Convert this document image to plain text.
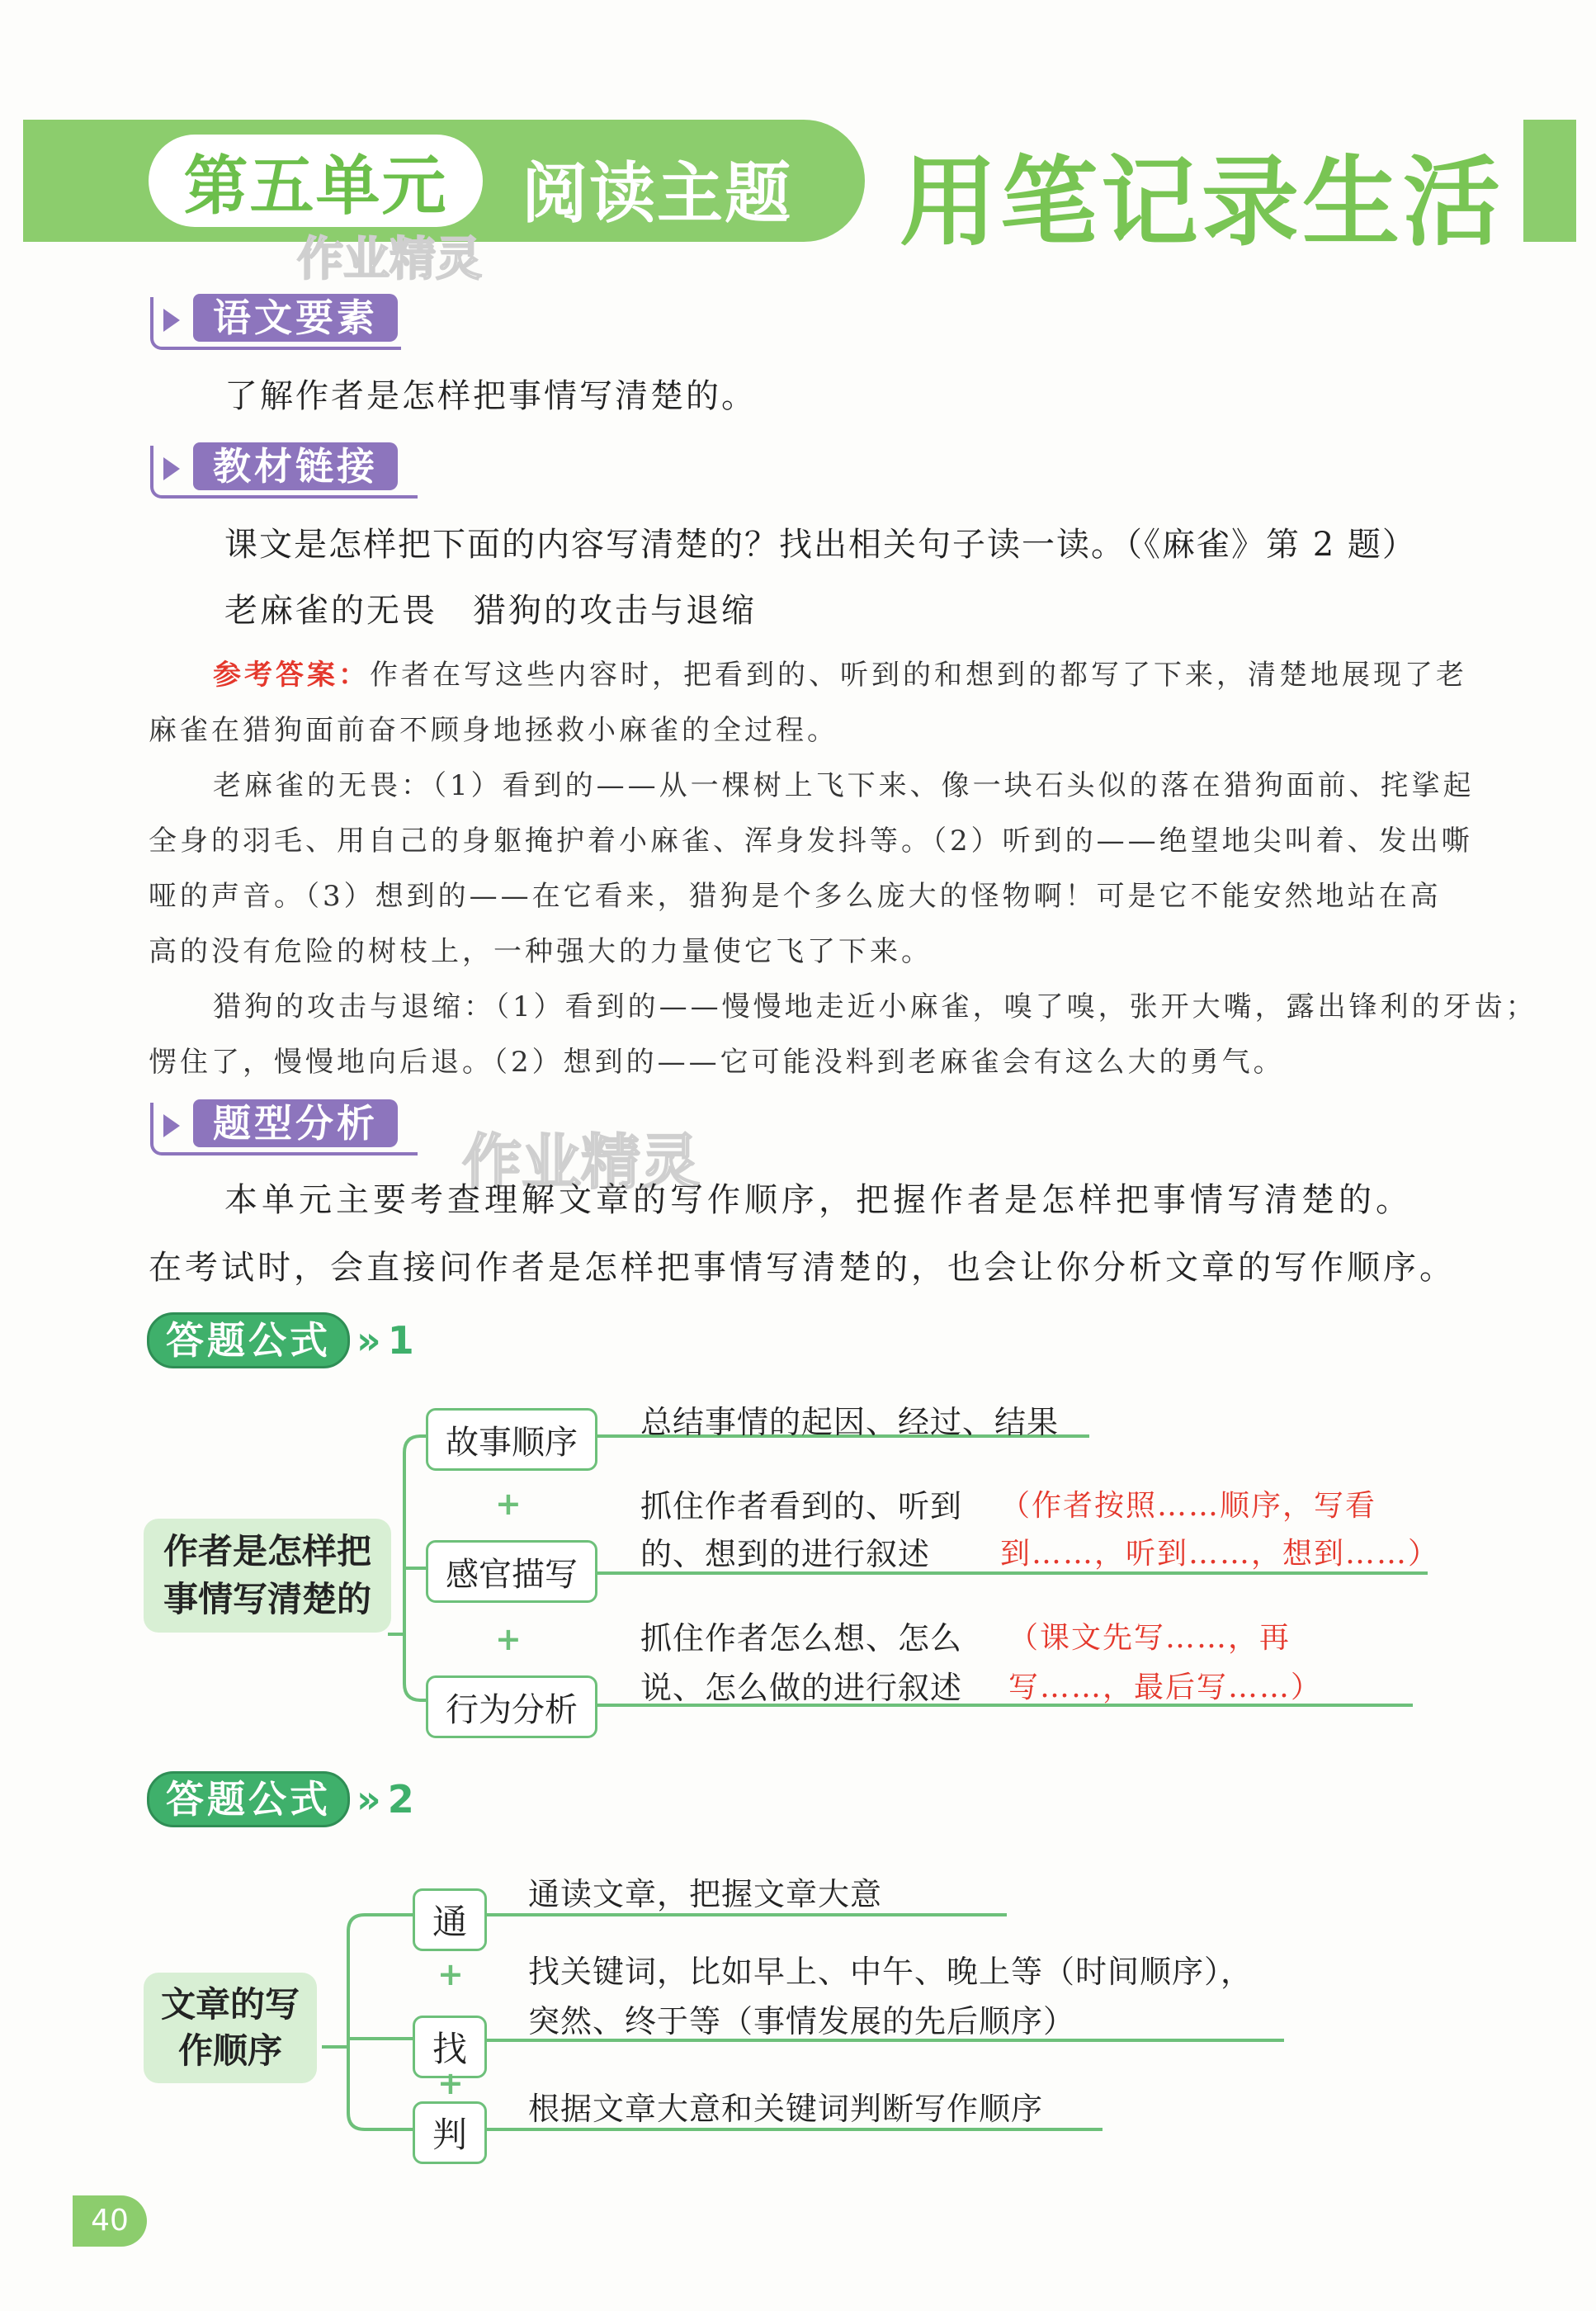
第五单元 阅读主题 用笔记录生活
作业精灵
语文要素
了解作者是怎样把事情写清楚的。
教材链接
课文是怎样把下面的内容写清楚的？找出相关句子读一读。（《麻雀》第 2 题）
老麻雀的无畏　猎狗的攻击与退缩
参考答案：作者在写这些内容时，把看到的、听到的和想到的都写了下来，清楚地展现了老
麻雀在猎狗面前奋不顾身地拯救小麻雀的全过程。
老麻雀的无畏：（1）看到的——从一棵树上飞下来、像一块石头似的落在猎狗面前、挓挲起
全身的羽毛、用自己的身躯掩护着小麻雀、浑身发抖等。（2）听到的——绝望地尖叫着、发出嘶
哑的声音。（3）想到的——在它看来，猎狗是个多么庞大的怪物啊！可是它不能安然地站在高
高的没有危险的树枝上，一种强大的力量使它飞了下来。
猎狗的攻击与退缩：（1）看到的——慢慢地走近小麻雀，嗅了嗅，张开大嘴，露出锋利的牙齿；
愣住了，慢慢地向后退。（2）想到的——它可能没料到老麻雀会有这么大的勇气。
题型分析
作业精灵
本单元主要考查理解文章的写作顺序，把握作者是怎样把事情写清楚的。
在考试时，会直接问作者是怎样把事情写清楚的，也会让你分析文章的写作顺序。
答题公式 » 1
作者是怎样把
事情写清楚的
故事顺序
感官描写
行为分析
+
+
总结事情的起因、经过、结果
抓住作者看到的、听到
的、想到的进行叙述
（作者按照……顺序，写看
到……，听到……，想到……）
抓住作者怎么想、怎么
说、怎么做的进行叙述
（课文先写……，再
写……，最后写……）
答题公式 » 2
文章的写
作顺序
通
找
判
+
+
通读文章，把握文章大意
找关键词，比如早上、中午、晚上等（时间顺序），
突然、终于等（事情发展的先后顺序）
根据文章大意和关键词判断写作顺序
40
